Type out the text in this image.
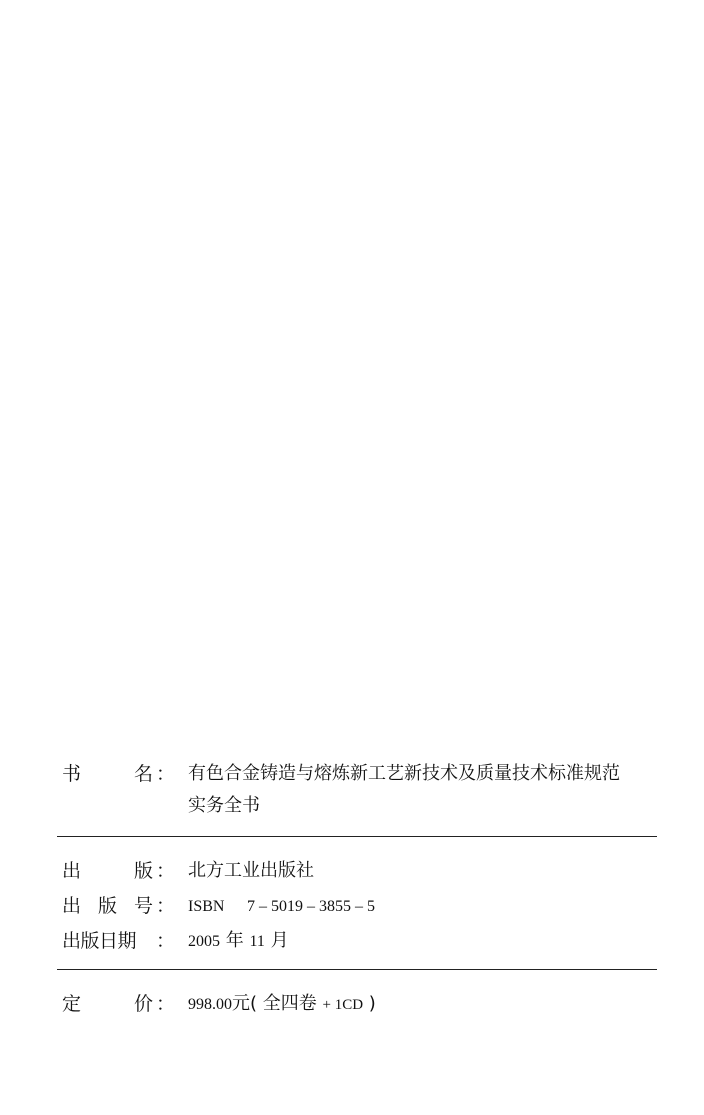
书	名 ： 有色合金铸造与熔炼新工艺新技术及质量技术标准规范
实务全书
出	版 ： 北方工业出版社
出 版 号 ： ISBN 7 – 5019 – 3855 – 5
出版日期 ： 2005 年 11 月
定	价 ： 998.00元( 全四卷 + 1CD )
